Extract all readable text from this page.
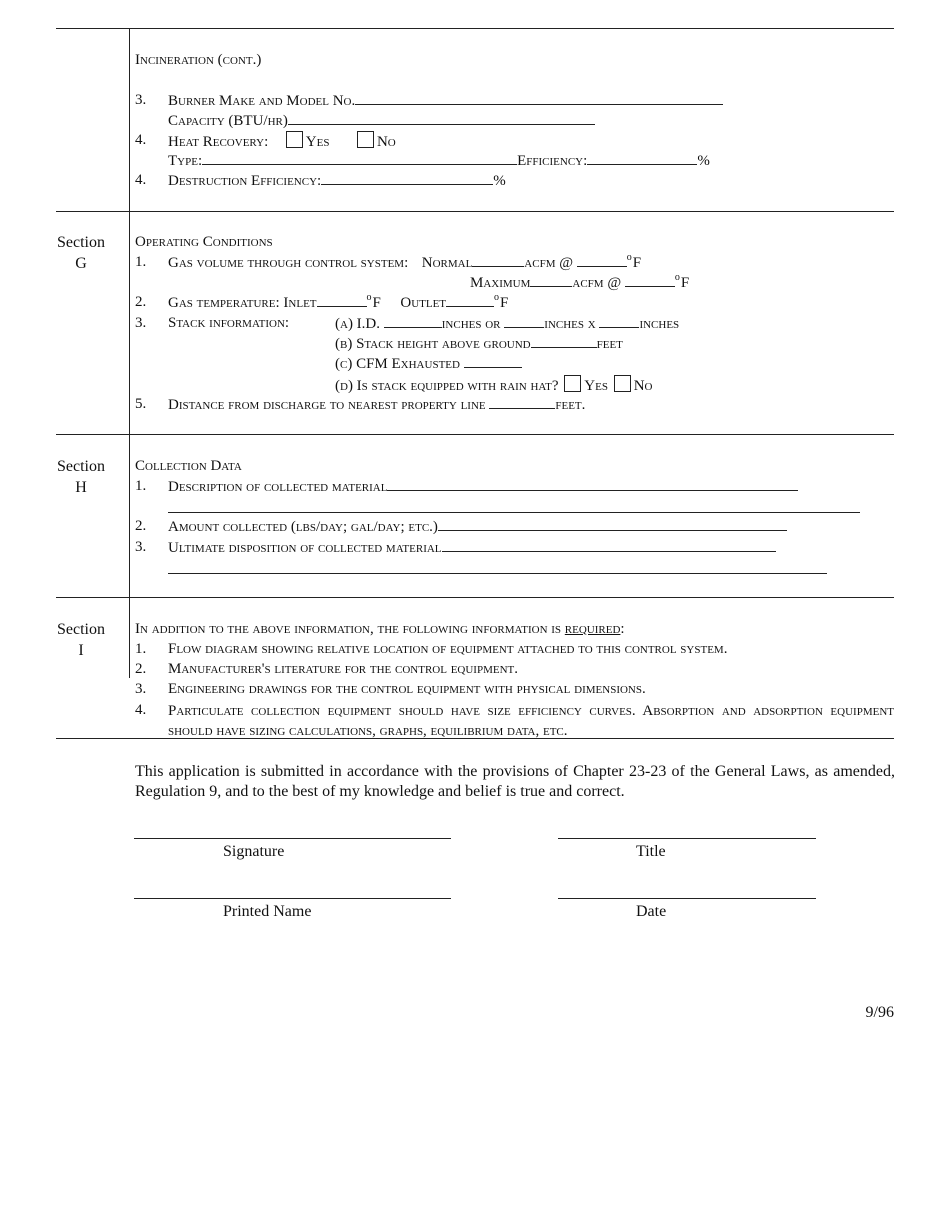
Incineration (cont.)
3. Burner Make and Model No.
Capacity (BTU/hr)
4. Heat Recovery:	Yes	No
Type:	Efficiency:	%
4. Destruction Efficiency:	%
Section
G
Operating Conditions
1. Gas volume through control system: Normal	acfm @	$^o$F
Maximum	acfm @	$^o$F
2. Gas temperature: Inlet	$^o$F Outlet	$^o$F
3. Stack information:	(a) I.D.	inches or	inches x	inches
(b) Stack height above ground	feet
(c) CFM Exhausted
(d) Is stack equipped with rain hat? Yes No
5. Distance from discharge to nearest property line	feet.
Section
H
Collection Data
1. Description of collected material
2. Amount collected (lbs/day; gal/day; etc.)
3. Ultimate disposition of collected material
Section
I
In addition to the above information, the following information is required:
1. Flow diagram showing relative location of equipment attached to this control system.
2. Manufacturer's literature for the control equipment.
3. Engineering drawings for the control equipment with physical dimensions.
4. Particulate collection equipment should have size efficiency curves. Absorption and adsorption equipment should have sizing calculations, graphs, equilibrium data, etc.
This application is submitted in accordance with the provisions of Chapter 23-23 of the General Laws, as amended, Regulation 9, and to the best of my knowledge and belief is true and correct.
Signature	Title
Printed Name	Date
9/96
